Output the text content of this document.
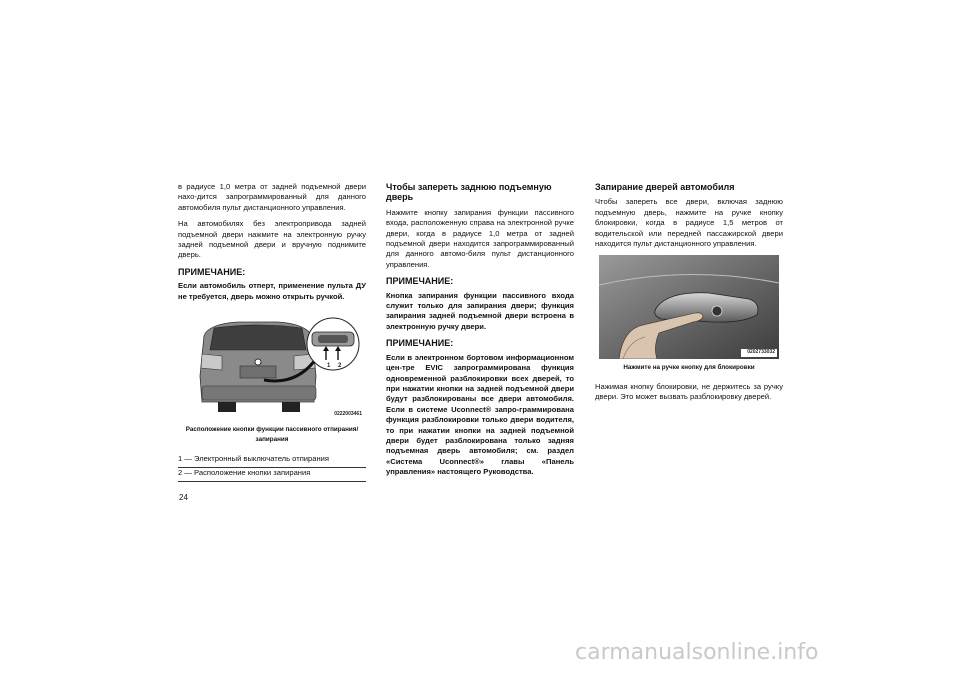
в радиусе 1,0 метра от задней подъемной двери нахо-дится запрограммированный для данного автомобиля пульт дистанционного управления.

На автомобилях без электропривода задней подъемной двери нажмите на электронную ручку задней подъемной двери и вручную поднимите дверь.

ПРИМЕЧАНИЕ:

Если автомобиль отперт, применение пульта ДУ не требуется, дверь можно открыть ручкой.

1 2
0222003461
Расположение кнопки функции пассивного отпирания/запирания

1 — Электронный выключатель отпирания

2 — Расположение кнопки запирания

Чтобы запереть заднюю подъемную дверь

Нажмите кнопку запирания функции пассивного входа, расположенную справа на электронной ручке двери, когда в радиусе 1,0 метра от задней подъемной двери находится запрограммированный для данного автомо-биля пульт дистанционного управления.

ПРИМЕЧАНИЕ:

Кнопка запирания функции пассивного входа служит только для запирания двери; функция запирания задней подъемной двери встроена в электронную ручку двери.

ПРИМЕЧАНИЕ:

Если в электронном бортовом информационном цен-тре EVIC запрограммирована функция одновременной разблокировки всех дверей, то при нажатии кнопки на задней подъемной двери будут разблокированы все двери автомобиля. Если в системе Uconnect® запро-граммирована функция разблокировки только двери водителя, то при нажатии кнопки на задней подъемной двери будет разблокирована только задняя подъемная дверь автомобиля; см. раздел «Система Uconnect®» главы «Панель управления» настоящего Руководства.

Запирание дверей автомобиля

Чтобы запереть все двери, включая заднюю подъемную дверь, нажмите на ручке кнопку блокировки, когда в радиусе 1,5 метров от водительской или передней пассажирской двери находится пульт дистанционного управления.

0202733032
Нажмите на ручке кнопку для блокировки

Нажимая кнопку блокировки, не держитесь за ручку двери. Это может вызвать разблокировку дверей.

24
carmanualsonline.info
